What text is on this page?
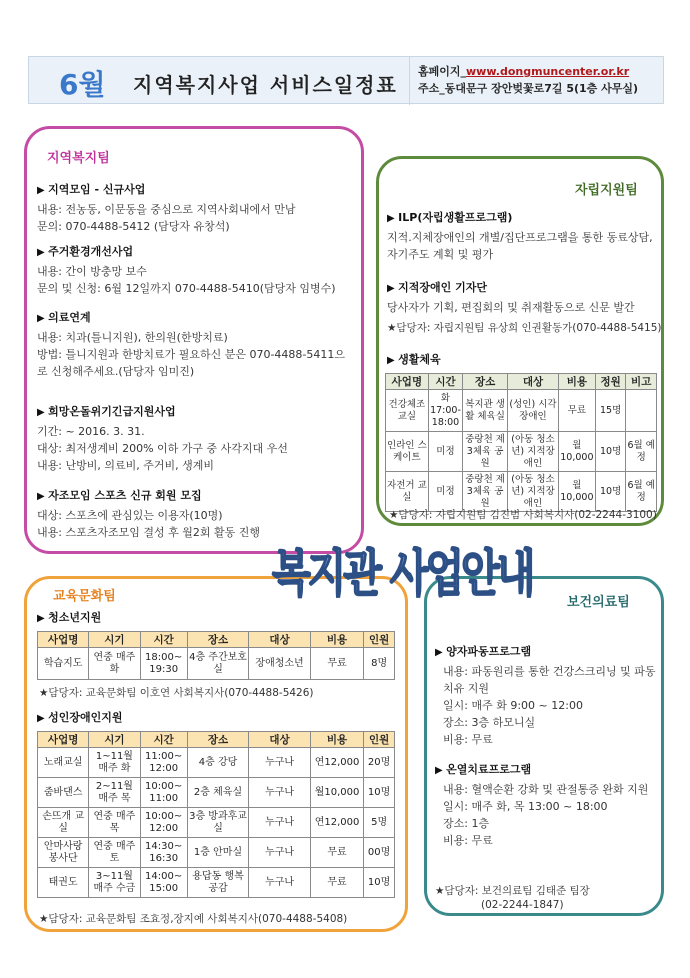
6월 지역복지사업 서비스일정표
홈페이지_www.dongmuncenter.or.kr
주소_동대문구 장안벚꽃로7길 5(1층 사무실)
지역복지팀
▶ 지역모임 - 신규사업

내용: 전농동, 이문동을 중심으로 지역사회내에서 만남

문의: 070-4488-5412 (담당자 유창석)

▶ 주거환경개선사업

내용: 간이 방충망 보수

문의 및 신청: 6월 12일까지 070-4488-5410(담당자 임병수)

▶ 의료연계

내용: 치과(틀니지원), 한의원(한방치료)

방법: 틀니지원과 한방치료가 필요하신 분은 070-4488-5411으로 신청해주세요.(담당자 임미진)

▶ 희망온돌위기긴급지원사업

기간: ~ 2016. 3. 31.

대상: 최저생계비 200% 이하 가구 중 사각지대 우선

내용: 난방비, 의료비, 주거비, 생계비

▶ 자조모임 스포츠 신규 회원 모집

대상: 스포츠에 관심있는 이용자(10명)

내용: 스포츠자조모임 결성 후 월2회 활동 진행

자립지원팀
▶ ILP(자립생활프로그램)

지적.지체장애인의 개별/집단프로그램을 통한 동료상담, 자기주도 계획 및 평가

▶ 지적장애인 기자단

당사자가 기획, 편집회의 및 취재활동으로 신문 발간

★담당자: 자립지원팀 유상희 인권활동가(070-4488-5415)

▶ 생활체육
사업명	시간	장소	대상	비용	정원	비고
건강체조 교실	화 17:00-18:00	복지관 생활 체육실	(성인) 시각장애인	무료	15명	
인라인 스케이트	미정	중랑천 제3체육 공원	(아동 청소년) 지적장애인	월 10,000	10명	6월 예정
자전거 교실	미정	중랑천 제3체육 공원	(아동 청소년) 지적장애인	월 10,000	10명	6월 예정
★담당자: 자립지원팀 김진범 사회복지사(02-2244-3100)
교육문화팀
▶ 청소년지원
사업명	시기	시간	장소	대상	비용	인원
학습지도	연중 매주 화	18:00~ 19:30	4층 주간보호실	장애청소년	무료	8명
★담당자: 교육문화팀 이호연 사회복지사(070-4488-5426)
▶ 성인장애인지원
사업명	시기	시간	장소	대상	비용	인원
노래교실	1~11월 매주 화	11:00~ 12:00	4층 강당	누구나	연12,000	20명
줌바댄스	2~11월 매주 목	10:00~ 11:00	2층 체육실	누구나	월10,000	10명
손뜨개 교실	연중 매주 목	10:00~ 12:00	3층 방과후교실	누구나	연12,000	5명
안마사랑 봉사단	연중 매주 토	14:30~ 16:30	1층 안마실	누구나	무료	00명
태권도	3~11월 매주 수금	14:00~ 15:00	용답동 행복공감	누구나	무료	10명
★담당자: 교육문화팀 조효정,장지예 사회복지사(070-4488-5408)
보건의료팀
▶ 양자파동프로그램

내용: 파동원리를 통한 건강스크리닝 및 파동치유 지원

일시: 매주 화 9:00 ~ 12:00

장소: 3층 하모니실

비용: 무료

▶ 온열치료프로그램

내용: 혈액순환 강화 및 관절통증 완화 지원

일시: 매주 화, 목 13:00 ~ 18:00

장소: 1층

비용: 무료

★담당자: 보건의료팀 김태준 팀장
(02-2244-1847)
복지관 사업안내
